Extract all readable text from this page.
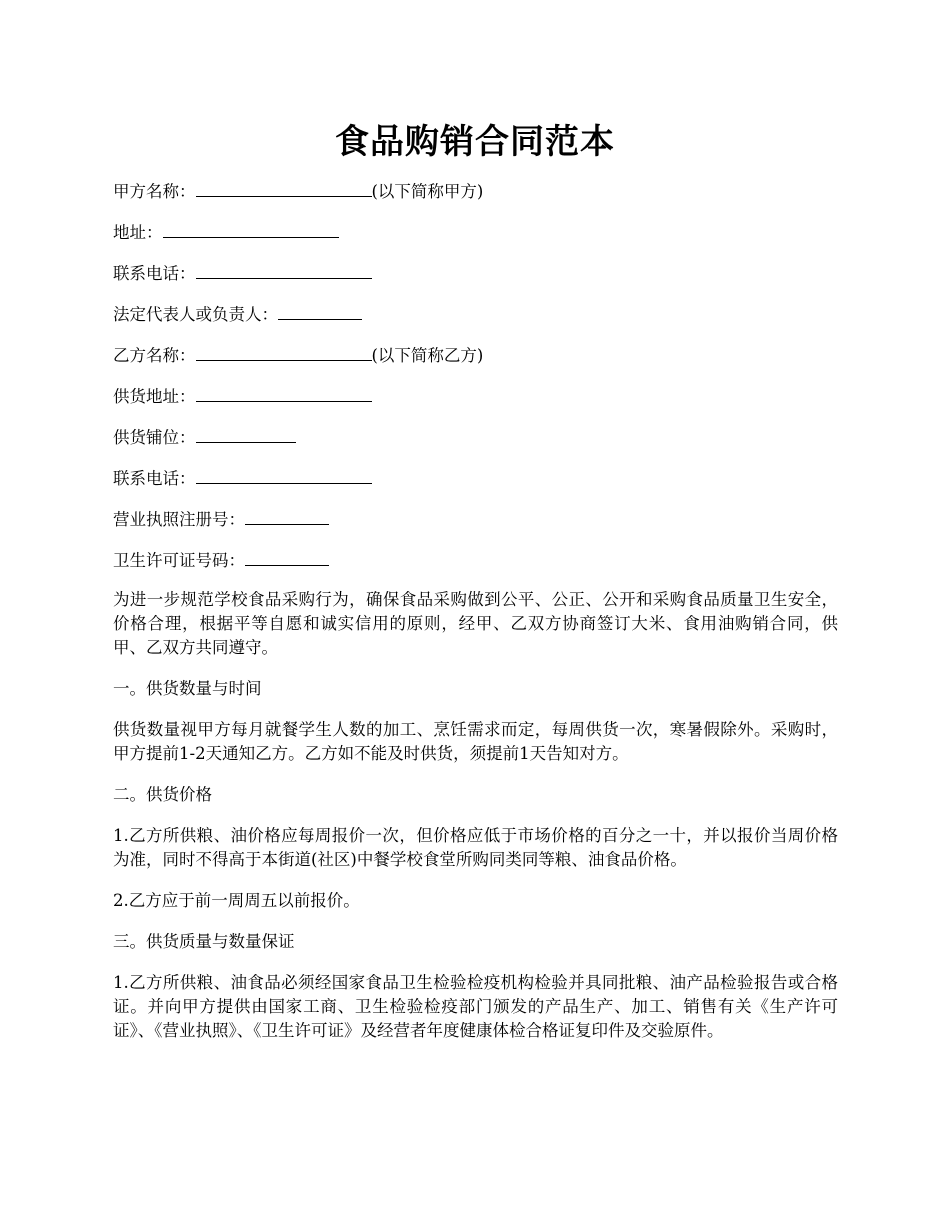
食品购销合同范本
甲方名称：	(以下简称甲方)
地址：
联系电话：
法定代表人或负责人：
乙方名称：	(以下简称乙方)
供货地址：
供货铺位：
联系电话：
营业执照注册号：
卫生许可证号码：

为进一步规范学校食品采购行为，确保食品采购做到公平、公正、公开和采购食品质量卫生安全，价格合理，根据平等自愿和诚实信用的原则，经甲、乙双方协商签订大米、食用油购销合同，供甲、乙双方共同遵守。

一。供货数量与时间

供货数量视甲方每月就餐学生人数的加工、烹饪需求而定，每周供货一次，寒暑假除外。采购时，甲方提前1-2天通知乙方。乙方如不能及时供货，须提前1天告知对方。

二。供货价格

1.乙方所供粮、油价格应每周报价一次，但价格应低于市场价格的百分之一十，并以报价当周价格为准，同时不得高于本街道(社区)中餐学校食堂所购同类同等粮、油食品价格。

2.乙方应于前一周周五以前报价。

三。供货质量与数量保证

1.乙方所供粮、油食品必须经国家食品卫生检验检疫机构检验并具同批粮、油产品检验报告或合格证。并向甲方提供由国家工商、卫生检验检疫部门颁发的产品生产、加工、销售有关《生产许可证》、《营业执照》、《卫生许可证》及经营者年度健康体检合格证复印件及交验原件。
